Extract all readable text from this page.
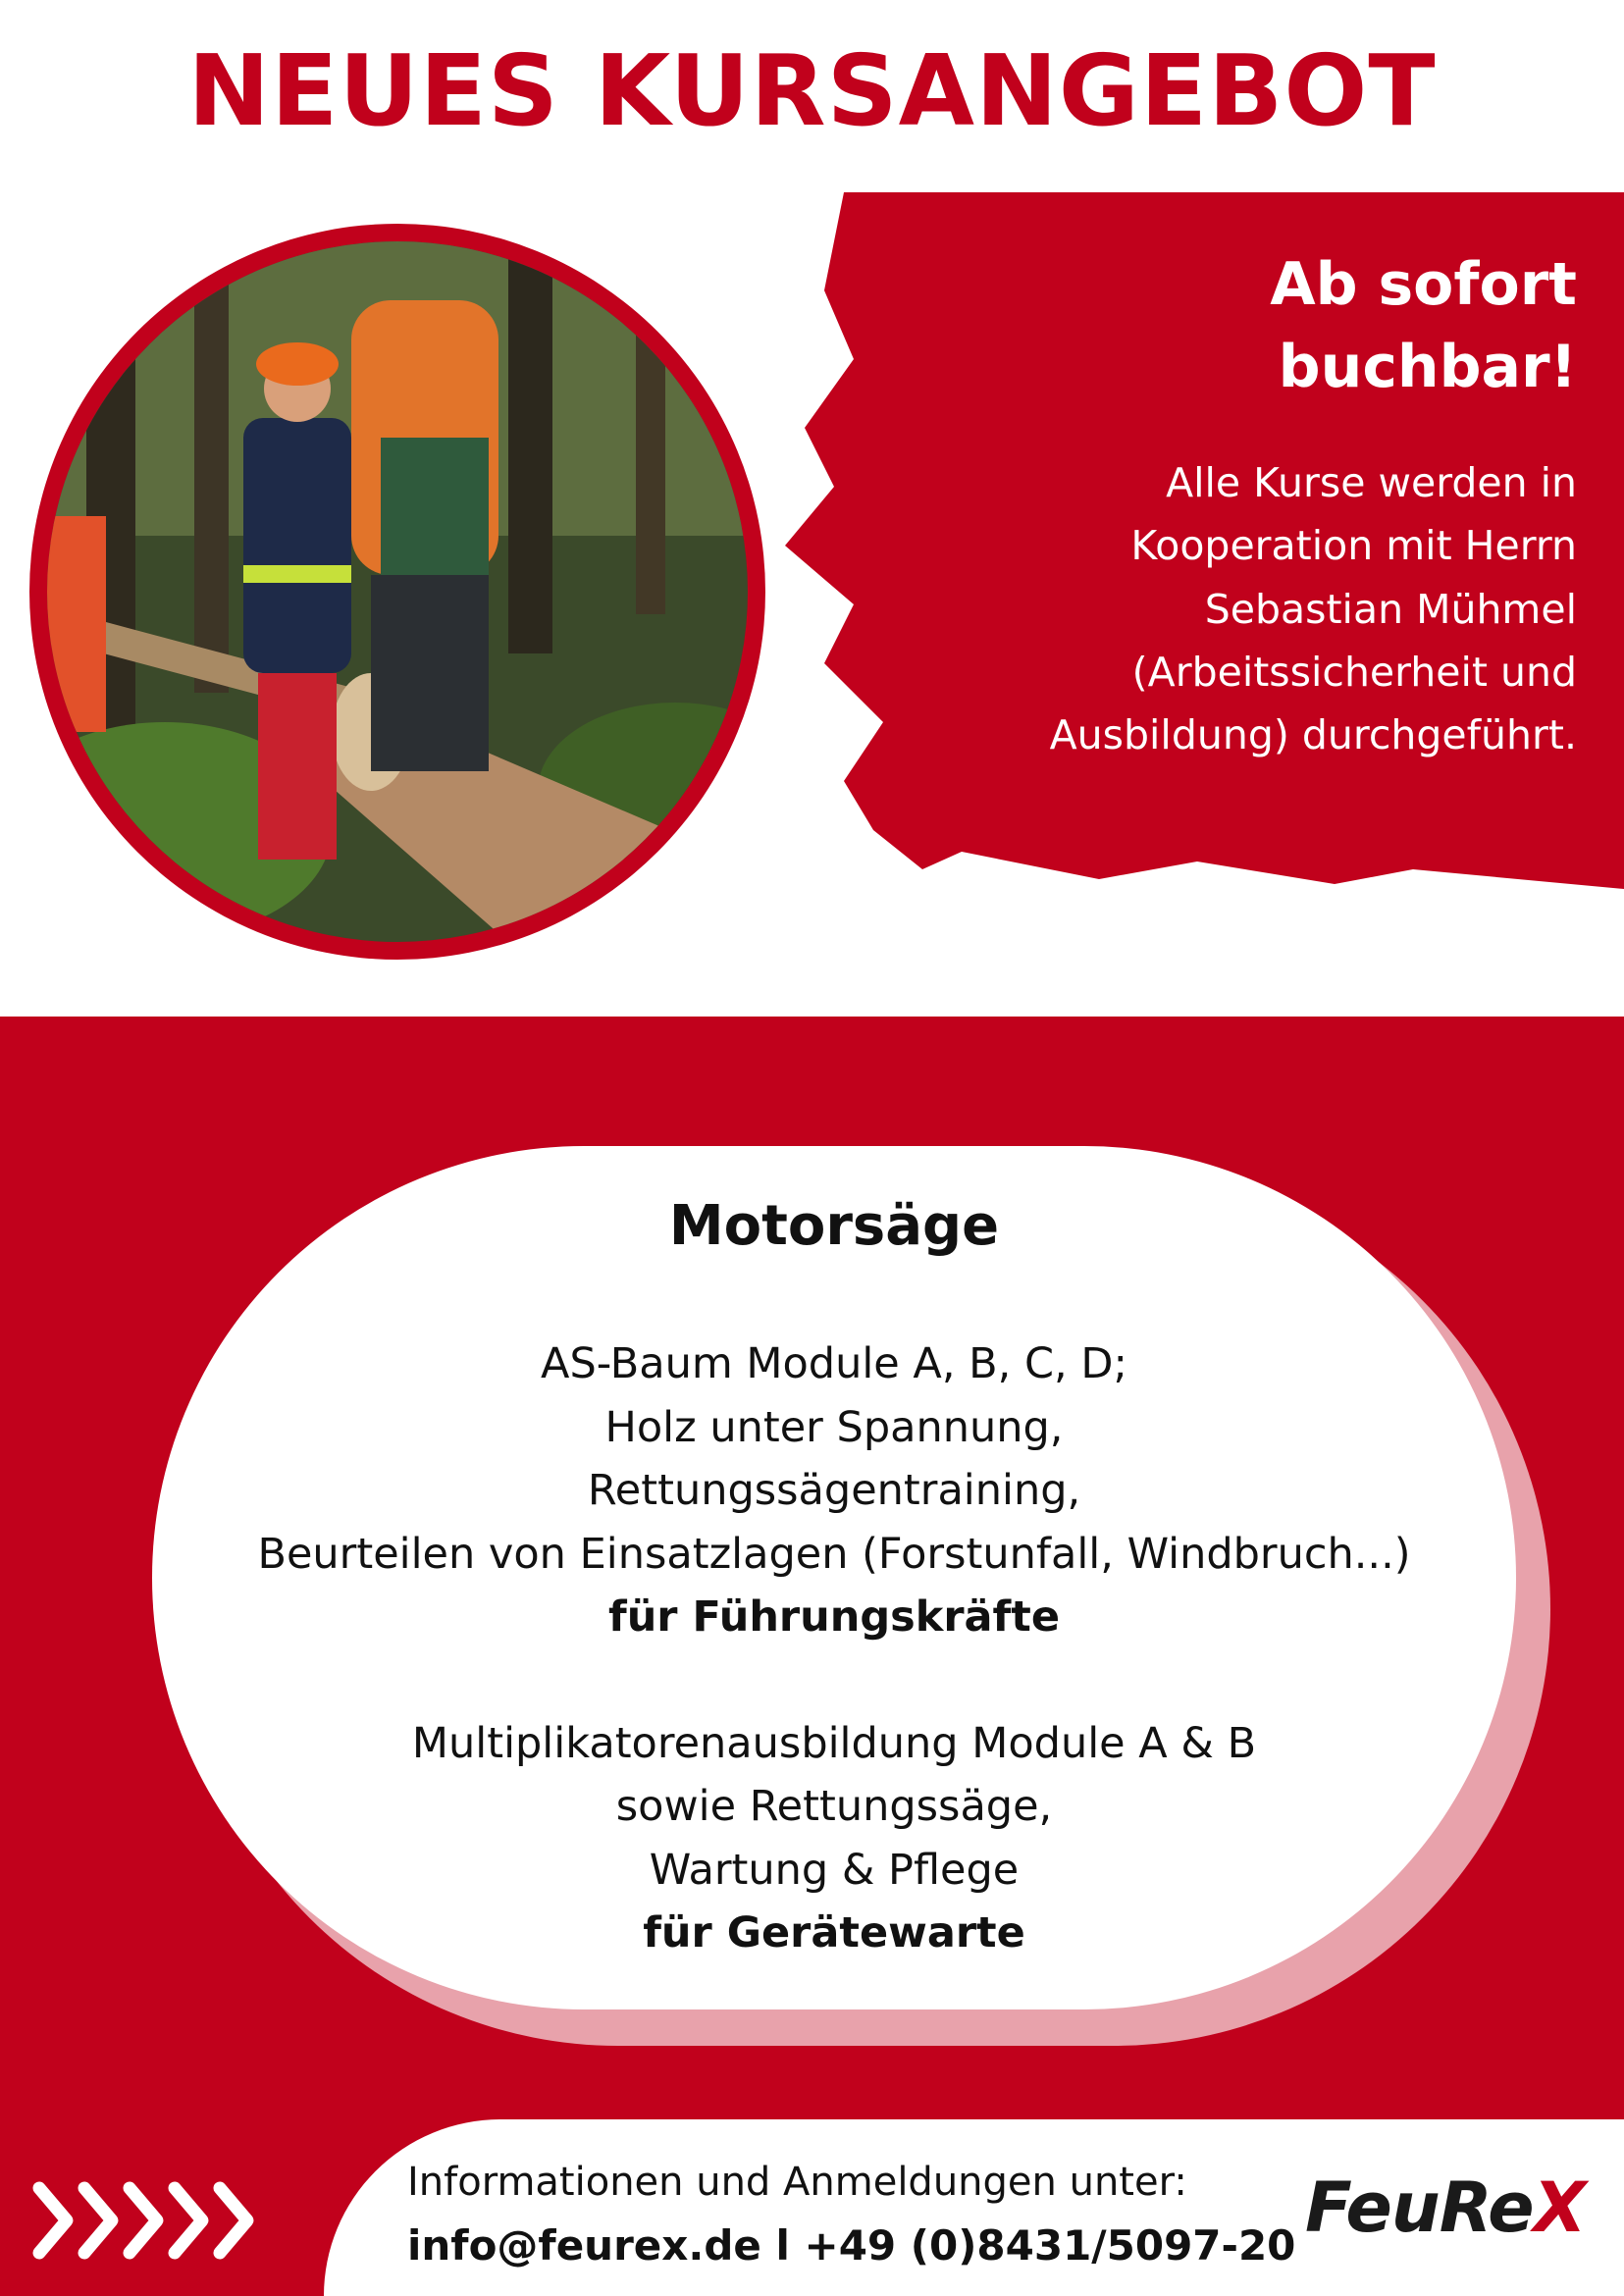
NEUES KURSANGEBOT

Ab sofort
buchbar!

Alle Kurse werden in
Kooperation mit Herrn
Sebastian Mühmel
(Arbeitssicherheit und
Ausbildung) durchgeführt.

Motorsäge
AS-Baum Module A, B, C, D;
Holz unter Spannung,
Rettungssägentraining,
Beurteilen von Einsatzlagen (Forstunfall, Windbruch...)
für Führungskräfte
Multiplikatorenausbildung Module A & B
sowie Rettungssäge,
Wartung & Pflege
für Gerätewarte

Informationen und Anmeldungen unter:

info@feurex.de l +49 (0)8431/5097-20 FeuReX
